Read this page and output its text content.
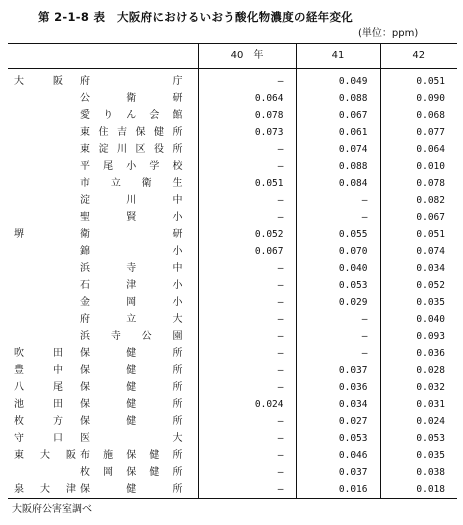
第 2-1-8 表　大阪府におけるいおう酸化物濃度の経年変化
(単位：ppm)
		40　年	41	42
大　　阪	府　　　庁	—	0.049	0.051
	公　衛　研	0.064	0.088	0.090
	愛りん会館	0.078	0.067	0.068
	東住吉保健所	0.073	0.061	0.077
	東淀川区役所	—	0.074	0.064
	平尾小学校	—	0.088	0.010
	市立衛生	0.051	0.084	0.078
	淀　川　中	—	—	0.082
	聖　賢　小	—	—	0.067
堺	衛　　　研	0.052	0.055	0.051
	錦　　　小	0.067	0.070	0.074
	浜　寺　中	—	0.040	0.034
	石　津　小	—	0.053	0.052
	金　岡　小	—	0.029	0.035
	府　立　大	—	—	0.040
	浜寺公園	—	—	0.093
吹　　田	保　健　所	—	—	0.036
豊　　中	保　健　所	—	0.037	0.028
八　　尾	保　健　所	—	0.036	0.032
池　　田	保　健　所	0.024	0.034	0.031
枚　　方	保　健　所	—	0.027	0.024
守　　口	医　　　大	—	0.053	0.053
東　大　阪	布施保健所	—	0.046	0.035
	枚岡保健所	—	0.037	0.038
泉　大　津	保　健　所	—	0.016	0.018
大阪府公害室調べ
